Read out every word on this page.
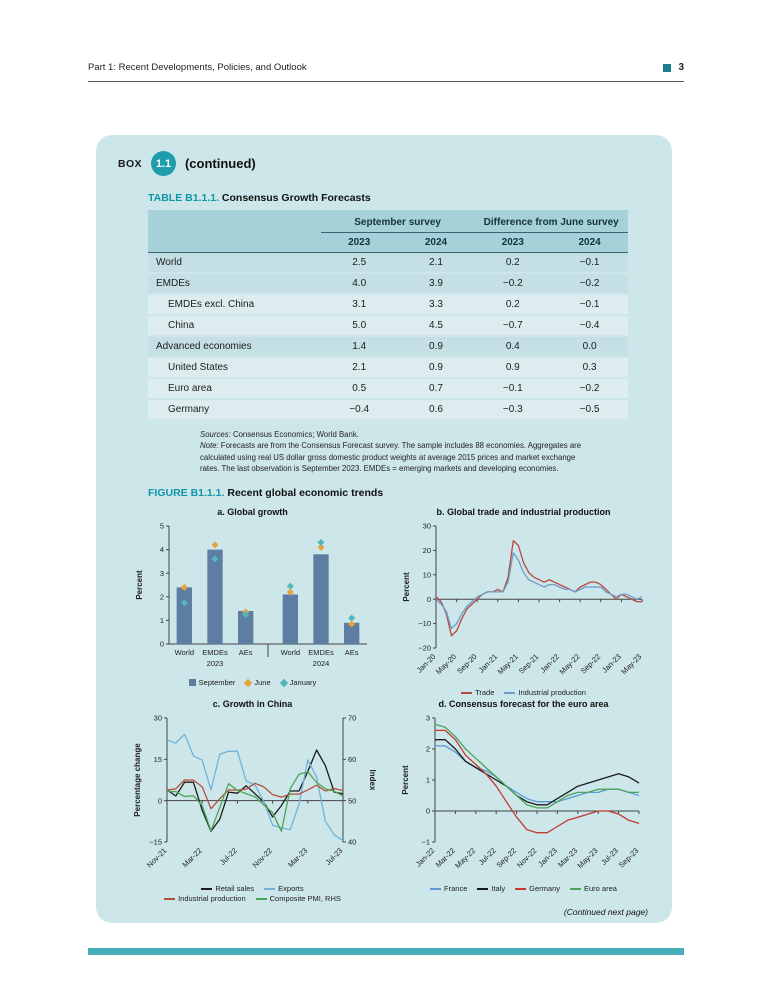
Part 1: Recent Developments, Policies, and Outlook	3
BOX	1.1	(continued)
TABLE B1.1.1. Consensus Growth Forecasts
	September survey		Difference from June survey	
	2023	2024	2023	2024
World	2.5	2.1	0.2	−0.1
EMDEs	4.0	3.9	−0.2	−0.2
EMDEs excl. China	3.1	3.3	0.2	−0.1
China	5.0	4.5	−0.7	−0.4
Advanced economies	1.4	0.9	0.4	0.0
United States	2.1	0.9	0.9	0.3
Euro area	0.5	0.7	−0.1	−0.2
Germany	−0.4	0.6	−0.3	−0.5

Sources: Consensus Economics; World Bank.
Note: Forecasts are from the Consensus Forecast survey. The sample includes 88 economies. Aggregates are calculated using real US dollar gross domestic product weights at average 2015 prices and market exchange rates. The last observation is September 2023. EMDEs = emerging markets and developing economies.

FIGURE B1.1.1. Recent global economic trends
a. Global growth
0
1
2
3
4
5
Percent
World EMDEs AEs	World EMDEs AEs
2023	2024
September	June	January
b. Global trade and industrial production
−20
−10
0
10
20
30
Percent
Jan-20
May-20
Sep-20
Jan-21
May-21
Sep-21
Jan-22
May-22
Sep-22
Jan-23
May-23
Trade	Industrial production
c. Growth in China
−15
0
15
30
Percentage change
40
50
60
70
Index
Nov-21 Mar-22 Jul-22 Nov-22 Mar-23 Jul-23
Retail sales	Exports
Industrial production	Composite PMI, RHS
d. Consensus forecast for the euro area
−1
0
1
2
3
Percent
Jan-22
Mar-22
May-22 Jul-22
Sep-22
Nov-22
Jan-23
Mar-23
May-23 Jul-23
Sep-23
France	Italy	Germany	Euro area
(Continued next page)
